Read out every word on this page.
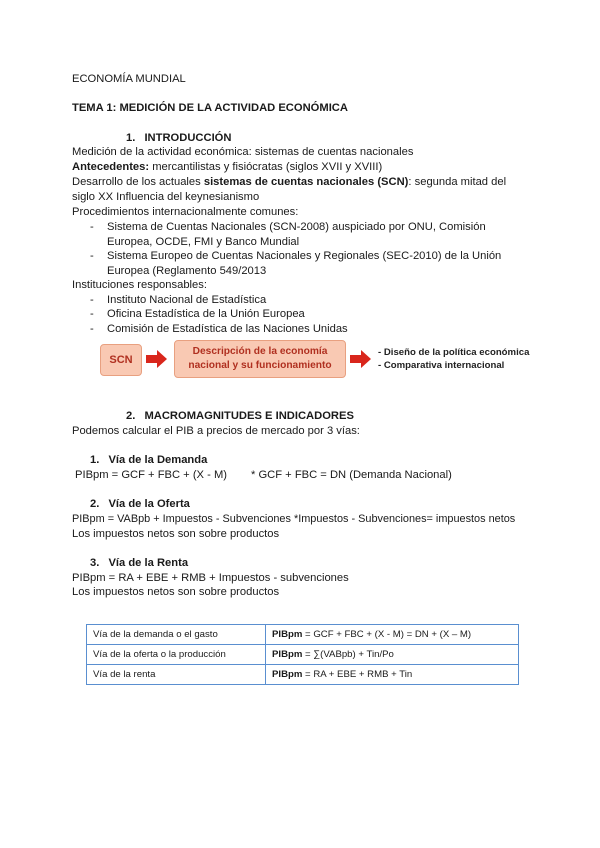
ECONOMÍA MUNDIAL
TEMA 1: MEDICIÓN DE LA ACTIVIDAD ECONÓMICA
1. INTRODUCCIÓN
Medición de la actividad económica: sistemas de cuentas nacionales
Antecedentes: mercantilistas y fisiócratas (siglos XVII y XVIII)
Desarrollo de los actuales sistemas de cuentas nacionales (SCN): segunda mitad del
siglo XX Influencia del keynesianismo
Procedimientos internacionalmente comunes:
- Sistema de Cuentas Nacionales (SCN-2008) auspiciado por ONU, Comisión
Europea, OCDE, FMI y Banco Mundial
- Sistema Europeo de Cuentas Nacionales y Regionales (SEC-2010) de la Unión
Europea (Reglamento 549/2013
Instituciones responsables:
- Instituto Nacional de Estadística
- Oficina Estadística de la Unión Europea
- Comisión de Estadística de las Naciones Unidas
SCN
Descripción de la economía
nacional y su funcionamiento
- Diseño de la política económica
- Comparativa internacional
2. MACROMAGNITUDES E INDICADORES
Podemos calcular el PIB a precios de mercado por 3 vías:
1. Vía de la Demanda
PIBpm = GCF + FBC + (X - M) * GCF + FBC = DN (Demanda Nacional)
2. Vía de la Oferta
PIBpm = VABpb + Impuestos - Subvenciones *Impuestos - Subvenciones= impuestos netos
Los impuestos netos son sobre productos
3. Vía de la Renta
PIBpm = RA + EBE + RMB + Impuestos - subvenciones
Los impuestos netos son sobre productos
Vía de la demanda o el gasto	PIBpm = GCF + FBC + (X - M) = DN + (X – M)
Vía de la oferta o la producción	PIBpm = ∑(VABpb) + Tin/Po
Vía de la renta	PIBpm = RA + EBE + RMB + Tin
